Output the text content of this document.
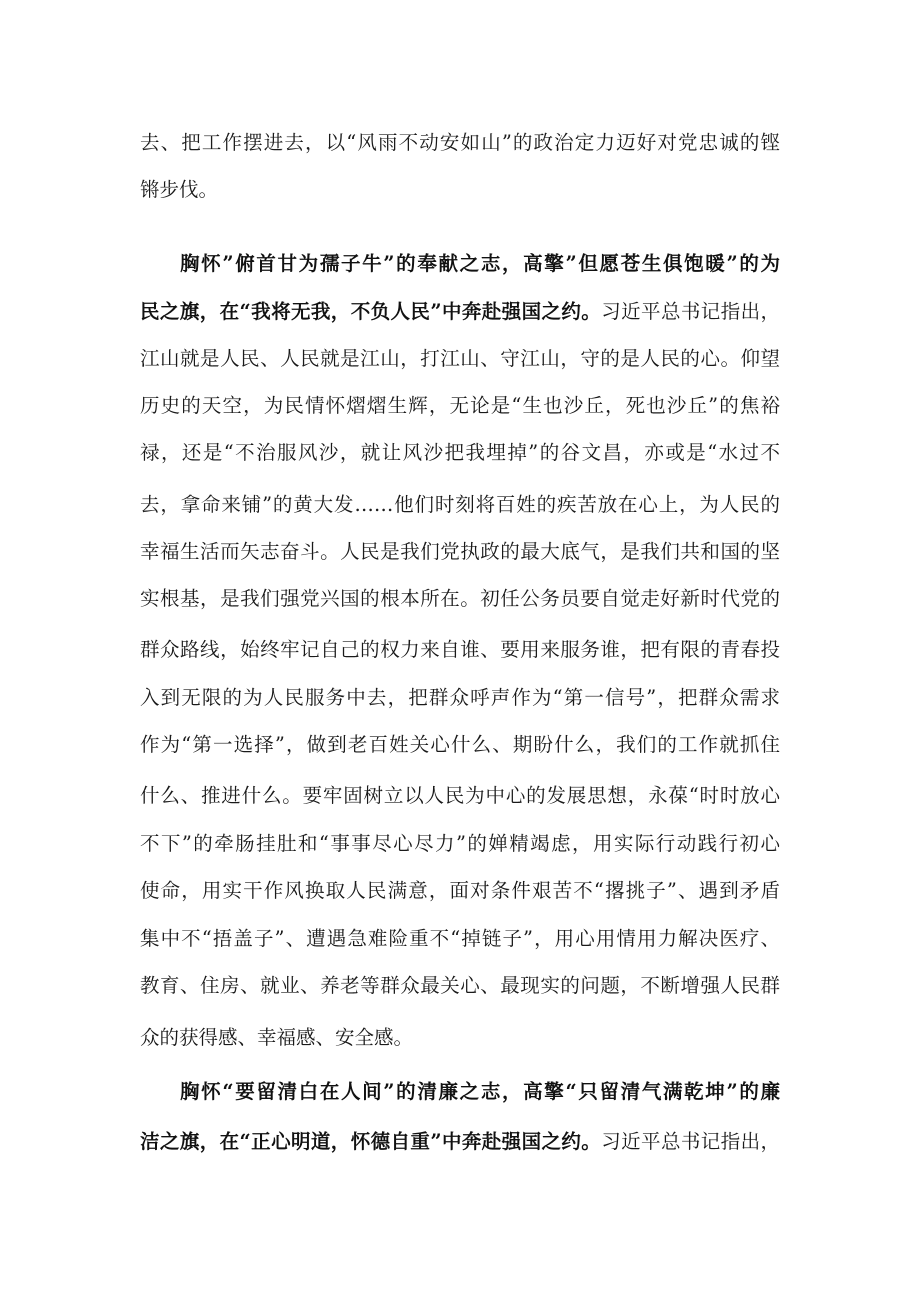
去、把工作摆进去，以“风雨不动安如山”的政治定力迈好对党忠诚的铿
锵步伐。
胸怀”俯首甘为孺子牛”的奉献之志，高擎”但愿苍生俱饱暖”的为
民之旗，在“我将无我，不负人民”中奔赴强国之约。习近平总书记指出，
江山就是人民、人民就是江山，打江山、守江山，守的是人民的心。仰望
历史的天空，为民情怀熠熠生辉，无论是“生也沙丘，死也沙丘”的焦裕
禄，还是“不治服风沙，就让风沙把我埋掉”的谷文昌，亦或是“水过不
去，拿命来铺”的黄大发……他们时刻将百姓的疾苦放在心上，为人民的
幸福生活而矢志奋斗。人民是我们党执政的最大底气，是我们共和国的坚
实根基，是我们强党兴国的根本所在。初任公务员要自觉走好新时代党的
群众路线，始终牢记自己的权力来自谁、要用来服务谁，把有限的青春投
入到无限的为人民服务中去，把群众呼声作为“第一信号”，把群众需求
作为“第一选择”，做到老百姓关心什么、期盼什么，我们的工作就抓住
什么、推进什么。要牢固树立以人民为中心的发展思想，永葆“时时放心
不下”的牵肠挂肚和“事事尽心尽力”的婵精竭虑，用实际行动践行初心
使命，用实干作风换取人民满意，面对条件艰苦不“撂挑子”、遇到矛盾
集中不“捂盖子”、遭遇急难险重不“掉链子”，用心用情用力解决医疗、
教育、住房、就业、养老等群众最关心、最现实的问题，不断增强人民群
众的获得感、幸福感、安全感。
胸怀“要留清白在人间”的清廉之志，高擎“只留清气满乾坤”的廉
洁之旗，在“正心明道，怀德自重”中奔赴强国之约。习近平总书记指出，
